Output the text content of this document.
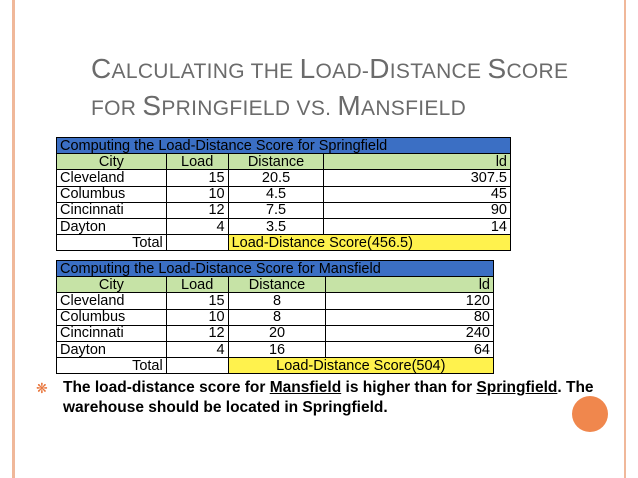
CALCULATING THE LOAD-DISTANCE SCORE
FOR SPRINGFIELD VS. MANSFIELD
Computing the Load-Distance Score for Springfield			
City	Load	Distance	ld
Cleveland	15	20.5	307.5
Columbus	10	4.5	45
Cincinnati	12	7.5	90
Dayton	4	3.5	14
Total		Load-Distance Score(456.5)	
Computing the Load-Distance Score for Mansfield			
City	Load	Distance	ld
Cleveland	15	8	120
Columbus	10	8	80
Cincinnati	12	20	240
Dayton	4	16	64
Total		Load-Distance Score(504)	
❋ The load-distance score for Mansfield is higher than for Springfield. The warehouse should be located in Springfield.
